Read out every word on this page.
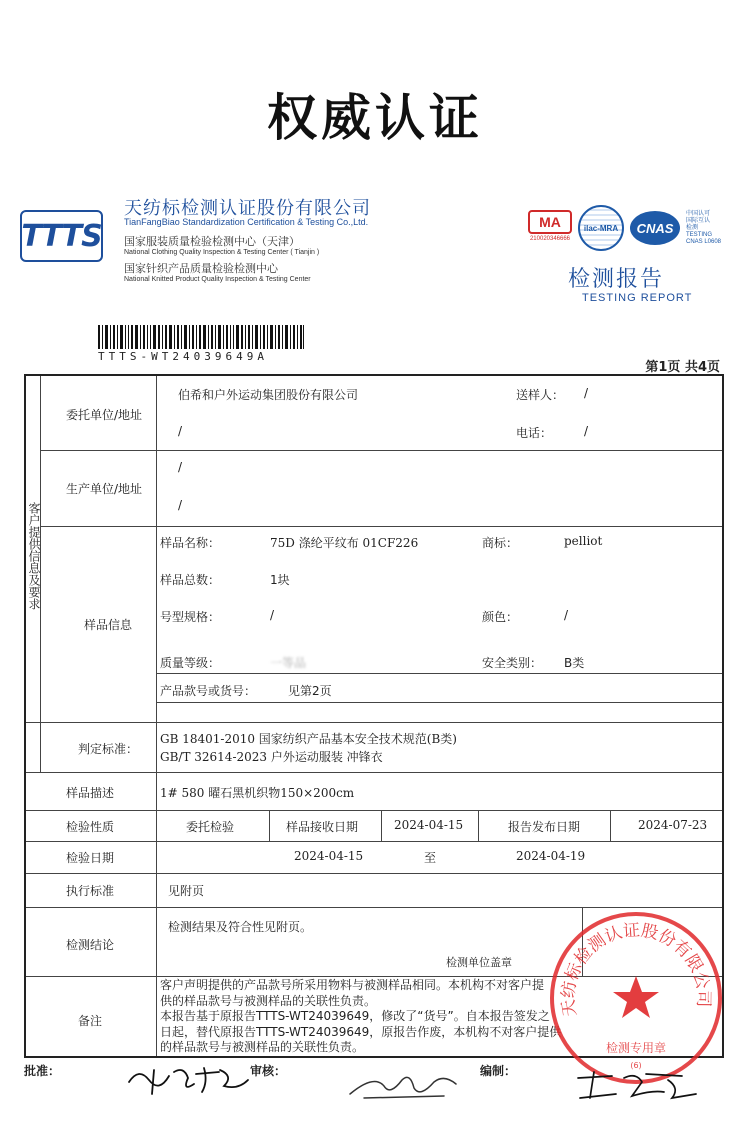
权威认证
TTTS
天纺标检测认证股份有限公司
TianFangBiao Standardization Certification & Testing Co.,Ltd.
国家服装质量检验检测中心（天津）
National Clothing Quality Inspection & Testing Center ( Tianjin )
国家针织产品质量检验检测中心
National Knitted Product Quality Inspection & Testing Center
MA
210020346666
ilac-MRA	CNAS
中国认可
国际互认
检测
TESTING
CNAS L0608
检测报告
TESTING REPORT
TTTS-WT24039649A
第1页 共4页
客户提供信息及要求
委托单位/地址
伯希和户外运动集团股份有限公司
/
送样人： /
电话：	/
生产单位/地址
/
/
样品信息
样品名称：	75D 涤纶平纹布 01CF226	商标：	pelliot
样品总数：	1块
号型规格：	/	颜色：	/
质量等级：	一等品	安全类别： B类
产品款号或货号：	见第2页
判定标准：
GB 18401-2010 国家纺织产品基本安全技术规范(B类)
GB/T 32614-2023 户外运动服装 冲锋衣
样品描述	1# 580 曜石黑机织物150×200cm
检验性质	委托检验	样品接收日期	2024-04-15	报告发布日期	2024-07-23
检验日期	2024-04-15	至	2024-04-19
执行标准	见附页
检测结论
检测结果及符合性见附页。
检测单位盖章
备注
客户声明提供的产品款号所采用物料与被测样品相同。本机构不对客户提
供的样品款号与被测样品的关联性负责。
本报告基于原报告TTTS-WT24039649，修改了“货号”。自本报告签发之
日起，替代原报告TTTS-WT24039649，原报告作废，本机构不对客户提供
的样品款号与被测样品的关联性负责。
天纺标检测认证股份有限公司
检测专用章
(6)
批准：	审核：	编制：
